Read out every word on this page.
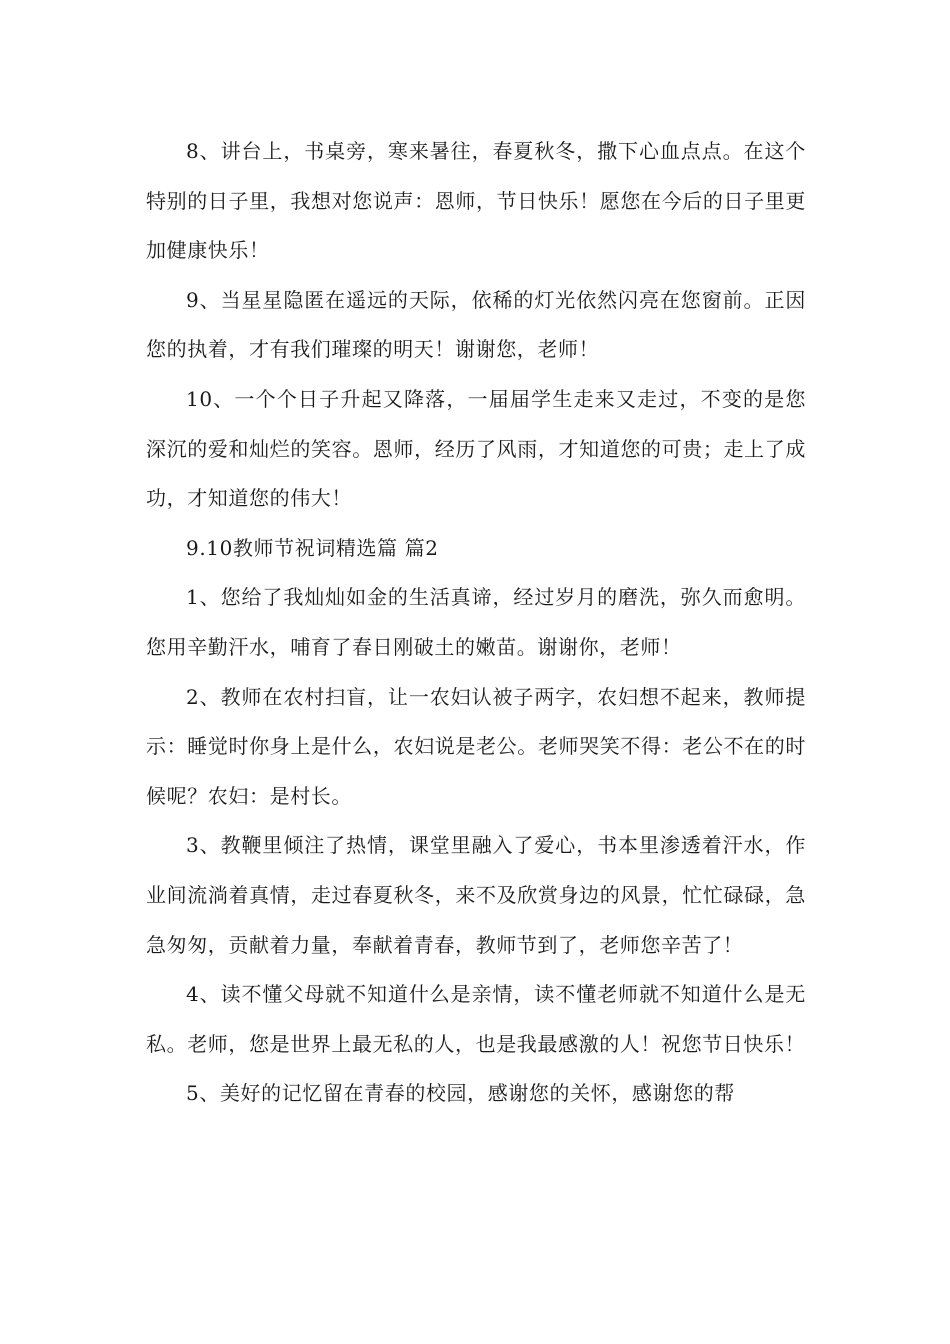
8、讲台上，书桌旁，寒来暑往，春夏秋冬，撒下心血点点。在这个特别的日子里，我想对您说声：恩师，节日快乐！愿您在今后的日子里更加健康快乐！

9、当星星隐匿在遥远的天际，依稀的灯光依然闪亮在您窗前。正因您的执着，才有我们璀璨的明天！谢谢您，老师！

10、一个个日子升起又降落，一届届学生走来又走过，不变的是您深沉的爱和灿烂的笑容。恩师，经历了风雨，才知道您的可贵；走上了成功，才知道您的伟大！

9.10教师节祝词精选篇 篇2

1、您给了我灿灿如金的生活真谛，经过岁月的磨洗，弥久而愈明。您用辛勤汗水，哺育了春日刚破土的嫩苗。谢谢你，老师！

2、教师在农村扫盲，让一农妇认被子两字，农妇想不起来，教师提示：睡觉时你身上是什么，农妇说是老公。老师哭笑不得：老公不在的时候呢？农妇：是村长。

3、教鞭里倾注了热情，课堂里融入了爱心，书本里渗透着汗水，作业间流淌着真情，走过春夏秋冬，来不及欣赏身边的风景，忙忙碌碌，急急匆匆，贡献着力量，奉献着青春，教师节到了，老师您辛苦了！

4、读不懂父母就不知道什么是亲情，读不懂老师就不知道什么是无私。老师，您是世界上最无私的人，也是我最感激的人！祝您节日快乐！

5、美好的记忆留在青春的校园，感谢您的关怀，感谢您的帮
